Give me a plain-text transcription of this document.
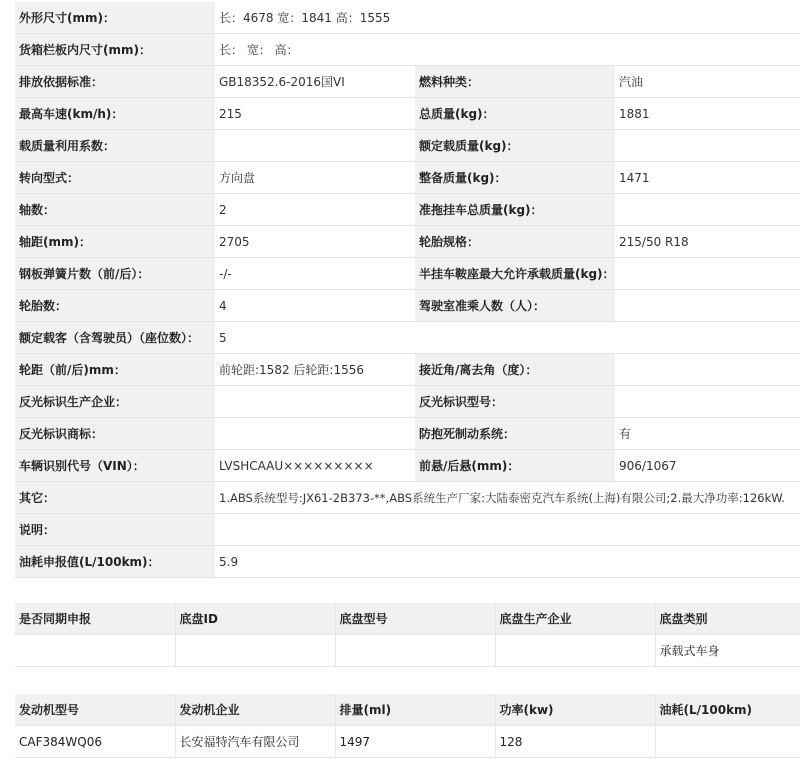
外形尺寸(mm)：	长：4678 宽：1841 高：1555		
货箱栏板内尺寸(mm)：	长： 宽： 高：		
排放依据标准：	GB18352.6-2016国VI	燃料种类：	汽油
最高车速(km/h)：	215	总质量(kg)：	1881
载质量利用系数：		额定载质量(kg)：	
转向型式：	方向盘	整备质量(kg)：	1471
轴数：	2	准拖挂车总质量(kg)：	
轴距(mm)：	2705	轮胎规格：	215/50 R18
钢板弹簧片数（前/后）：	-/-	半挂车鞍座最大允许承载质量(kg)：	
轮胎数：	4	驾驶室准乘人数（人）：	
额定载客（含驾驶员）（座位数）：	5		
轮距（前/后)mm：	前轮距:1582 后轮距:1556	接近角/离去角（度）：	
反光标识生产企业：		反光标识型号：	
反光标识商标：		防抱死制动系统：	有
车辆识别代号（VIN）：	LVSHCAAU×××××××××	前悬/后悬(mm)：	906/1067
其它：	1.ABS系统型号:JX61-2B373-**,ABS系统生产厂家:大陆泰密克汽车系统(上海)有限公司;2.最大净功率:126kW.		
说明：			
油耗申报值(L/100km)：	5.9		
是否同期申报	底盘ID	底盘型号	底盘生产企业	底盘类别
				承载式车身
发动机型号	发动机企业	排量(ml)	功率(kw)	油耗(L/100km)
CAF384WQ06	长安福特汽车有限公司	1497	128	
